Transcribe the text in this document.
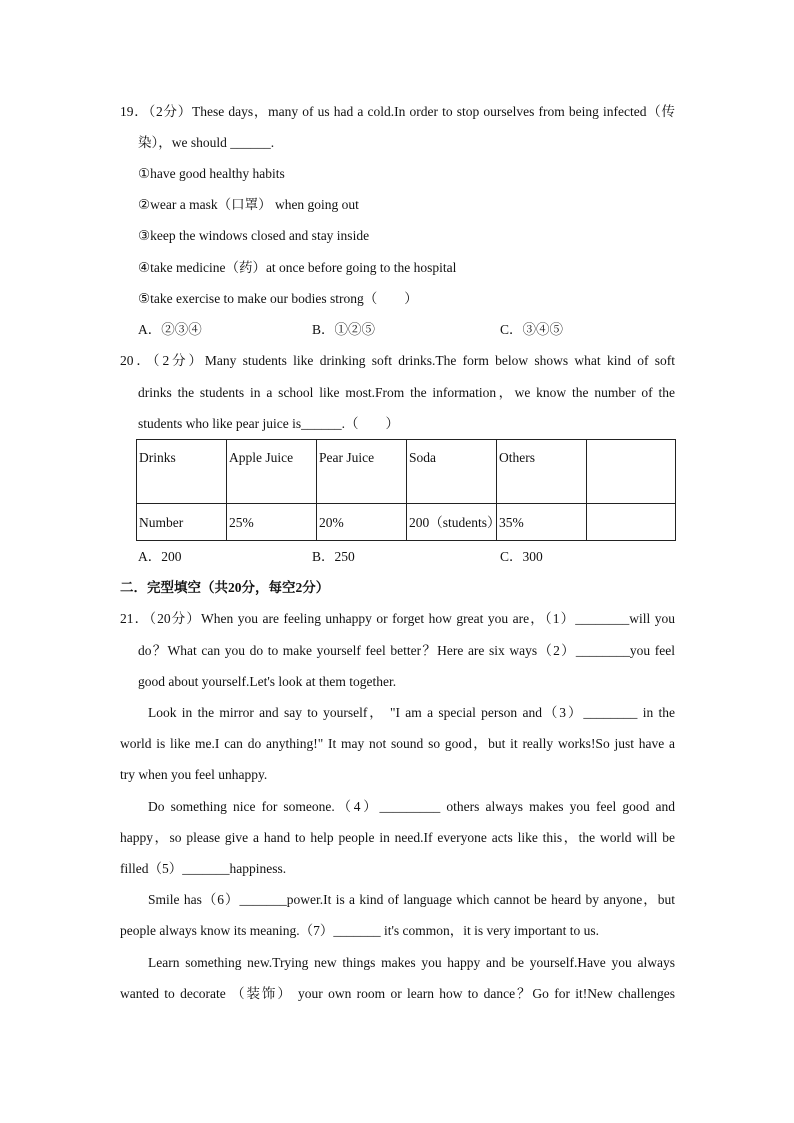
19．（2分）These days，many of us had a cold.In order to stop ourselves from being infected（传
染），we should ______.
①have good healthy habits
②wear a mask（口罩） when going out
③keep the windows closed and stay inside
④take medicine（药）at once before going to the hospital
⑤take exercise to make our bodies strong（　　）
A．②③④	B．①②⑤	C．③④⑤
20．（2分）Many students like drinking soft drinks.The form below shows what kind of soft
drinks the students in a school like most.From the information，we know the number of the
students who like pear juice is______.（　　）
Drinks	Apple Juice	Pear Juice	Soda	Others	
Number	25%	20%	200（students）	35%	
A．200	B．250	C．300
二．完型填空（共20分，每空2分）
21．（20分）When you are feeling unhappy or forget how great you are，（1）________will you
do？What can you do to make yourself feel better？Here are six ways（2）________you feel
good about yourself.Let's look at them together.
Look in the mirror and say to yourself， "I am a special person and（3）________ in the
world is like me.I can do anything!" It may not sound so good，but it really works!So just have a
try when you feel unhappy.
Do something nice for someone.（4）_________ others always makes you feel good and
happy，so please give a hand to help people in need.If everyone acts like this，the world will be
filled（5）_______happiness.
Smile has（6）_______power.It is a kind of language which cannot be heard by anyone，but
people always know its meaning.（7）_______ it's common，it is very important to us.
Learn something new.Trying new things makes you happy and be yourself.Have you always
wanted to decorate （装饰） your own room or learn how to dance？Go for it!New challenges
